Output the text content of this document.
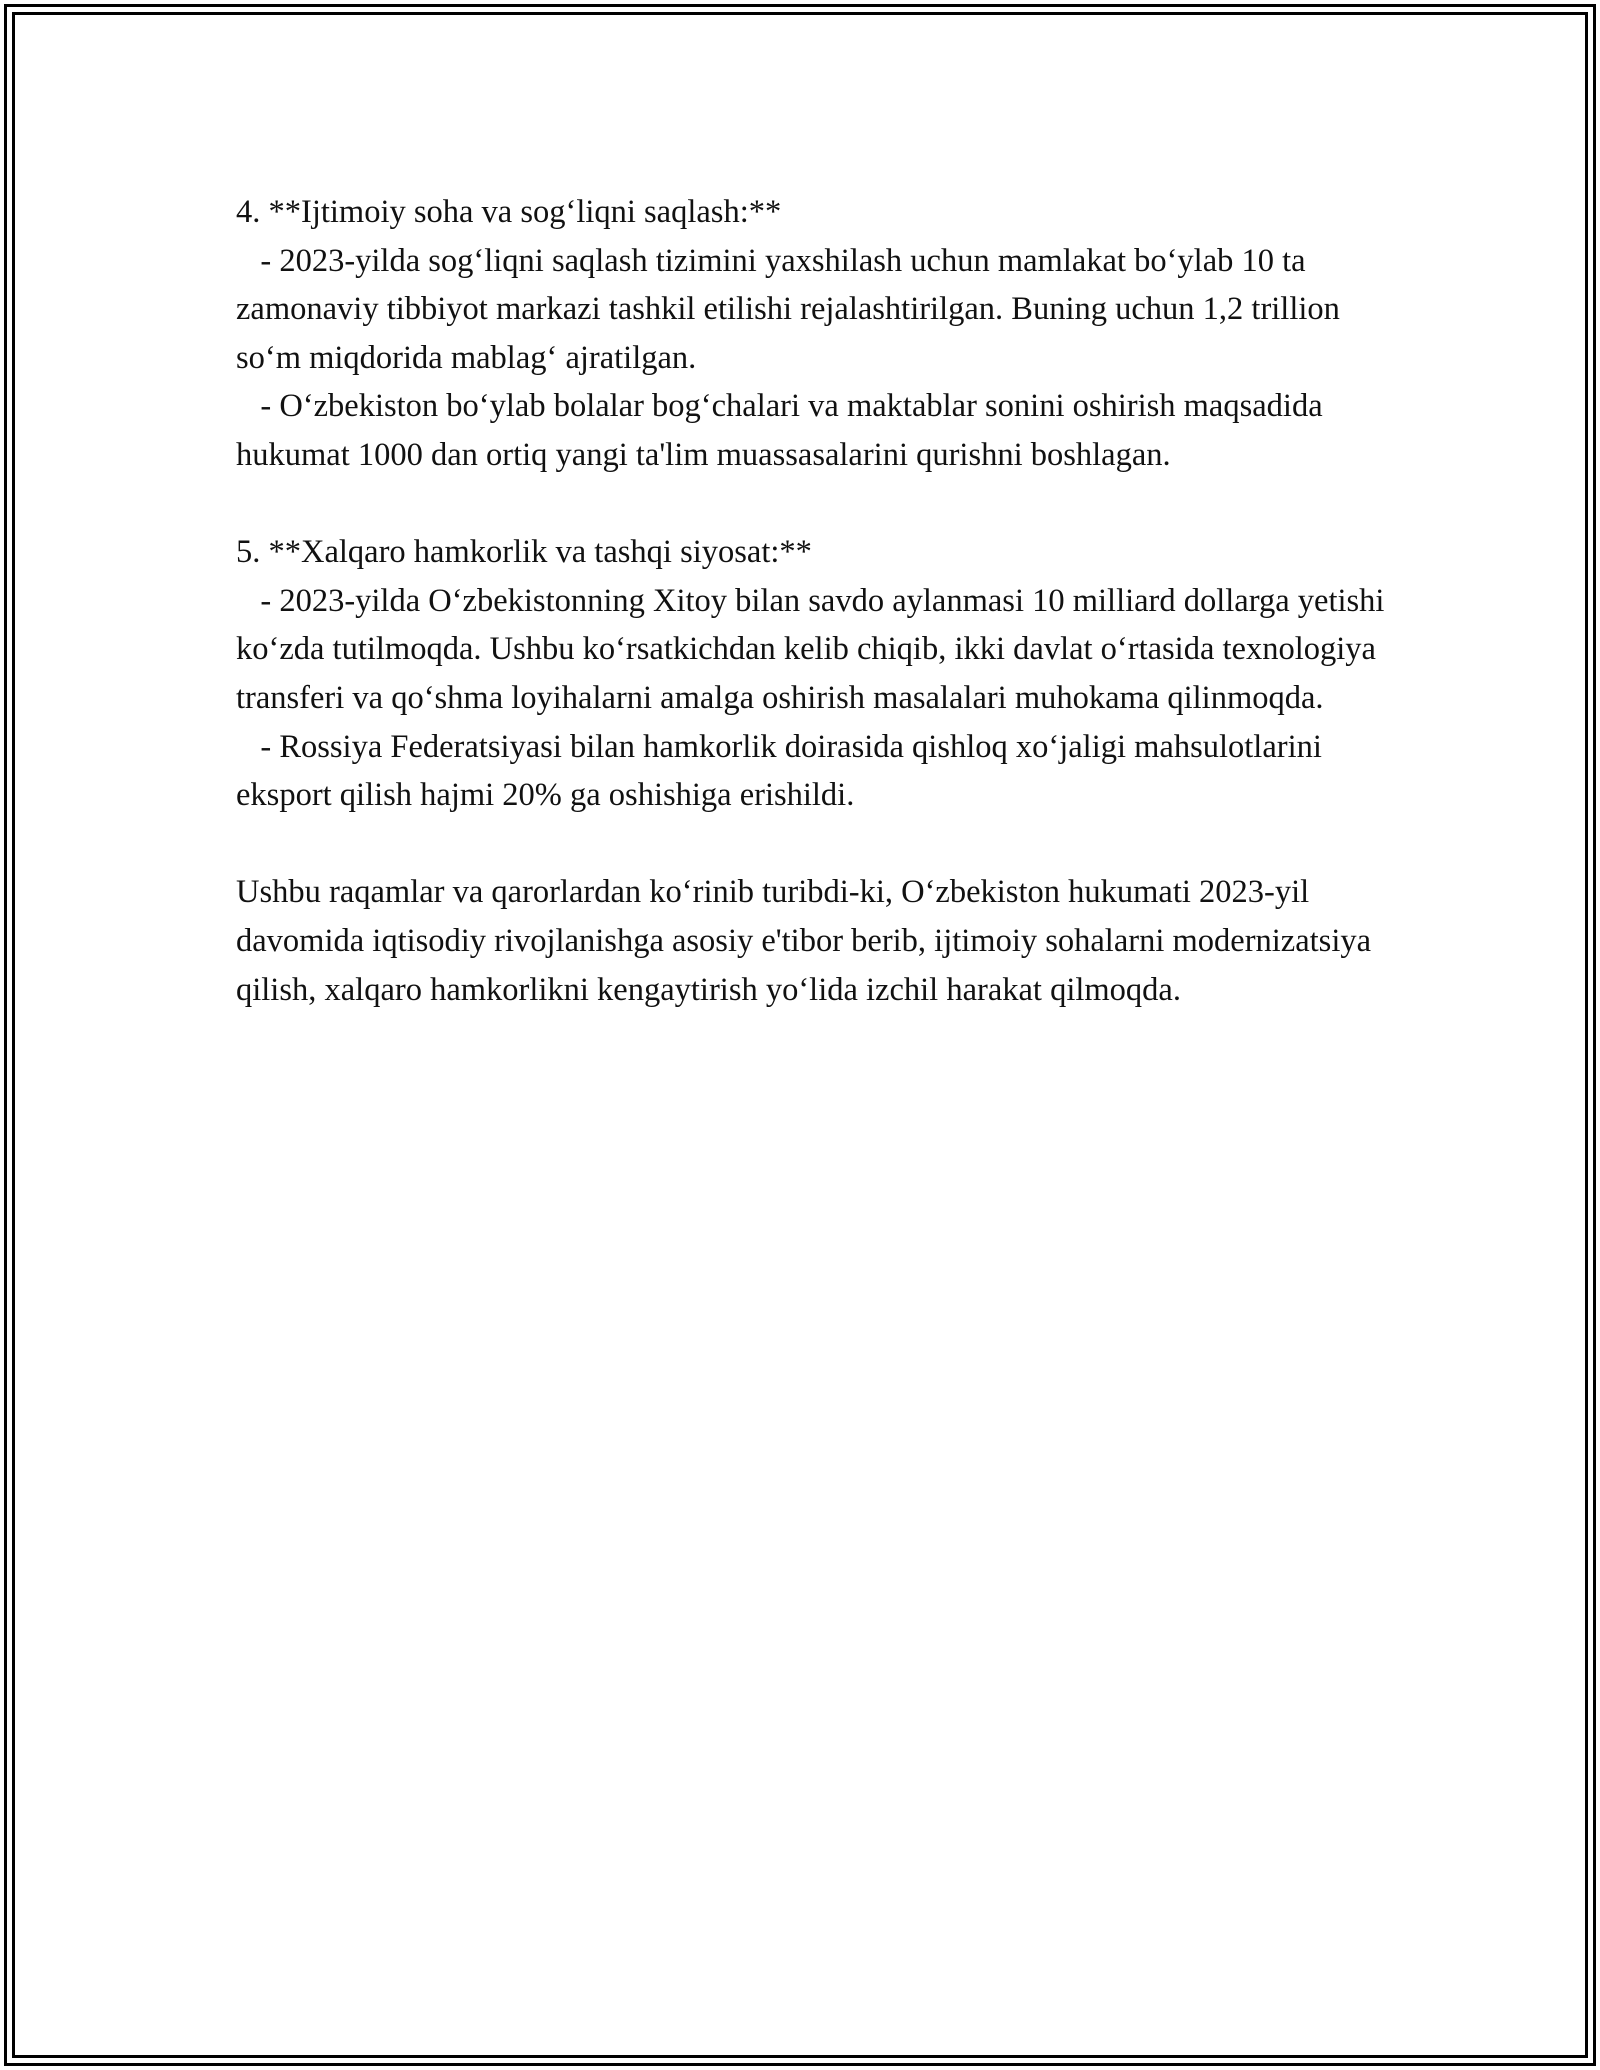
4. **Ijtimoiy soha va sog‘liqni saqlash:**

- 2023-yilda sog‘liqni saqlash tizimini yaxshilash uchun mamlakat bo‘ylab 10 ta zamonaviy tibbiyot markazi tashkil etilishi rejalashtirilgan. Buning uchun 1,2 trillion so‘m miqdorida mablag‘ ajratilgan.

- O‘zbekiston bo‘ylab bolalar bog‘chalari va maktablar sonini oshirish maqsadida hukumat 1000 dan ortiq yangi ta'lim muassasalarini qurishni boshlagan.

5. **Xalqaro hamkorlik va tashqi siyosat:**

- 2023-yilda O‘zbekistonning Xitoy bilan savdo aylanmasi 10 milliard dollarga yetishi ko‘zda tutilmoqda. Ushbu ko‘rsatkichdan kelib chiqib, ikki davlat o‘rtasida texnologiya transferi va qo‘shma loyihalarni amalga oshirish masalalari muhokama qilinmoqda.

- Rossiya Federatsiyasi bilan hamkorlik doirasida qishloq xo‘jaligi mahsulotlarini eksport qilish hajmi 20% ga oshishiga erishildi.

Ushbu raqamlar va qarorlardan ko‘rinib turibdi-ki, O‘zbekiston hukumati 2023-yil davomida iqtisodiy rivojlanishga asosiy e'tibor berib, ijtimoiy sohalarni modernizatsiya qilish, xalqaro hamkorlikni kengaytirish yo‘lida izchil harakat qilmoqda.
